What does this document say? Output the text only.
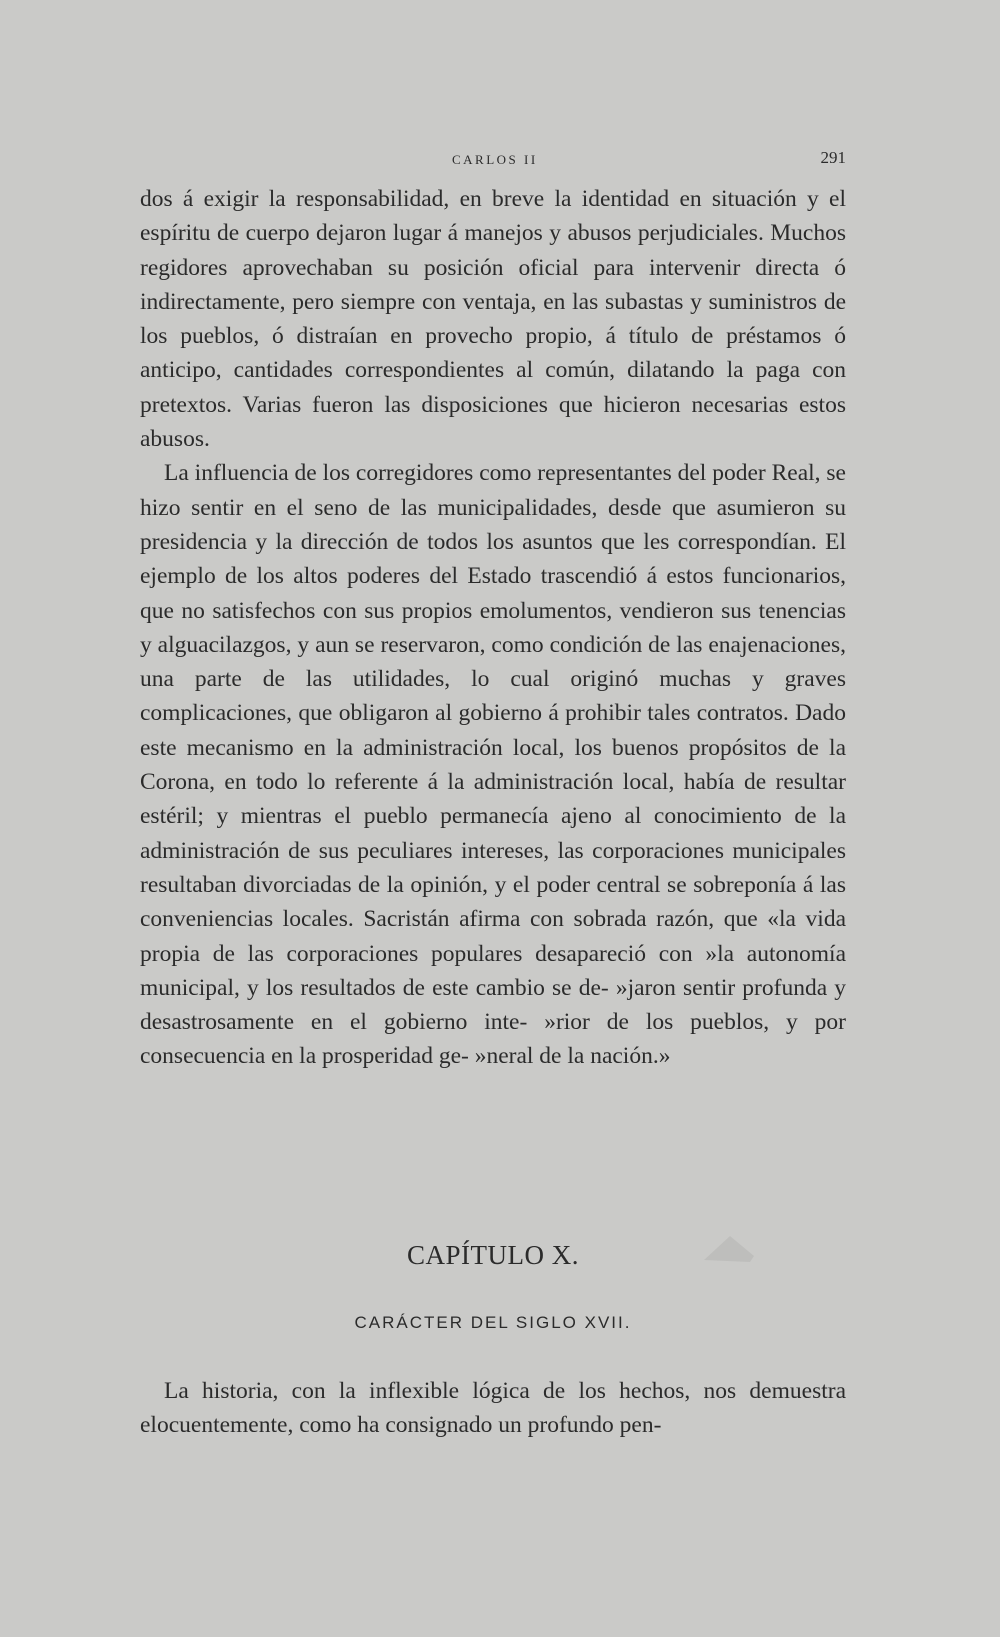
CARLOS II	291

dos á exigir la responsabilidad, en breve la identidad en situación y el espíritu de cuerpo dejaron lugar á manejos y abusos perjudiciales. Muchos regidores aprovechaban su posición oficial para intervenir directa ó indirectamente, pero siempre con ventaja, en las subastas y suministros de los pueblos, ó distraían en provecho propio, á título de préstamos ó anticipo, cantidades correspondientes al común, dilatando la paga con pretextos. Varias fueron las disposiciones que hicieron necesarias estos abusos.

La influencia de los corregidores como representantes del poder Real, se hizo sentir en el seno de las municipalidades, desde que asumieron su presidencia y la dirección de todos los asuntos que les correspondían. El ejemplo de los altos poderes del Estado trascendió á estos funcionarios, que no satisfechos con sus propios emolumentos, vendieron sus tenencias y alguacilazgos, y aun se reservaron, como condición de las enajenaciones, una parte de las utilidades, lo cual originó muchas y graves complicaciones, que obligaron al gobierno á prohibir tales contratos. Dado este mecanismo en la administración local, los buenos propósitos de la Corona, en todo lo referente á la administración local, había de resultar estéril; y mientras el pueblo permanecía ajeno al conocimiento de la administración de sus peculiares intereses, las corporaciones municipales resultaban divorciadas de la opinión, y el poder central se sobreponía á las conveniencias locales. Sacristán afirma con sobrada razón, que «la vida propia de las corporaciones populares desapareció con »la autonomía municipal, y los resultados de este cambio se de- »jaron sentir profunda y desastrosamente en el gobierno inte- »rior de los pueblos, y por consecuencia en la prosperidad ge- »neral de la nación.»

CAPÍTULO X.
CARÁCTER DEL SIGLO XVII.

La historia, con la inflexible lógica de los hechos, nos demuestra elocuentemente, como ha consignado un profundo pen-
